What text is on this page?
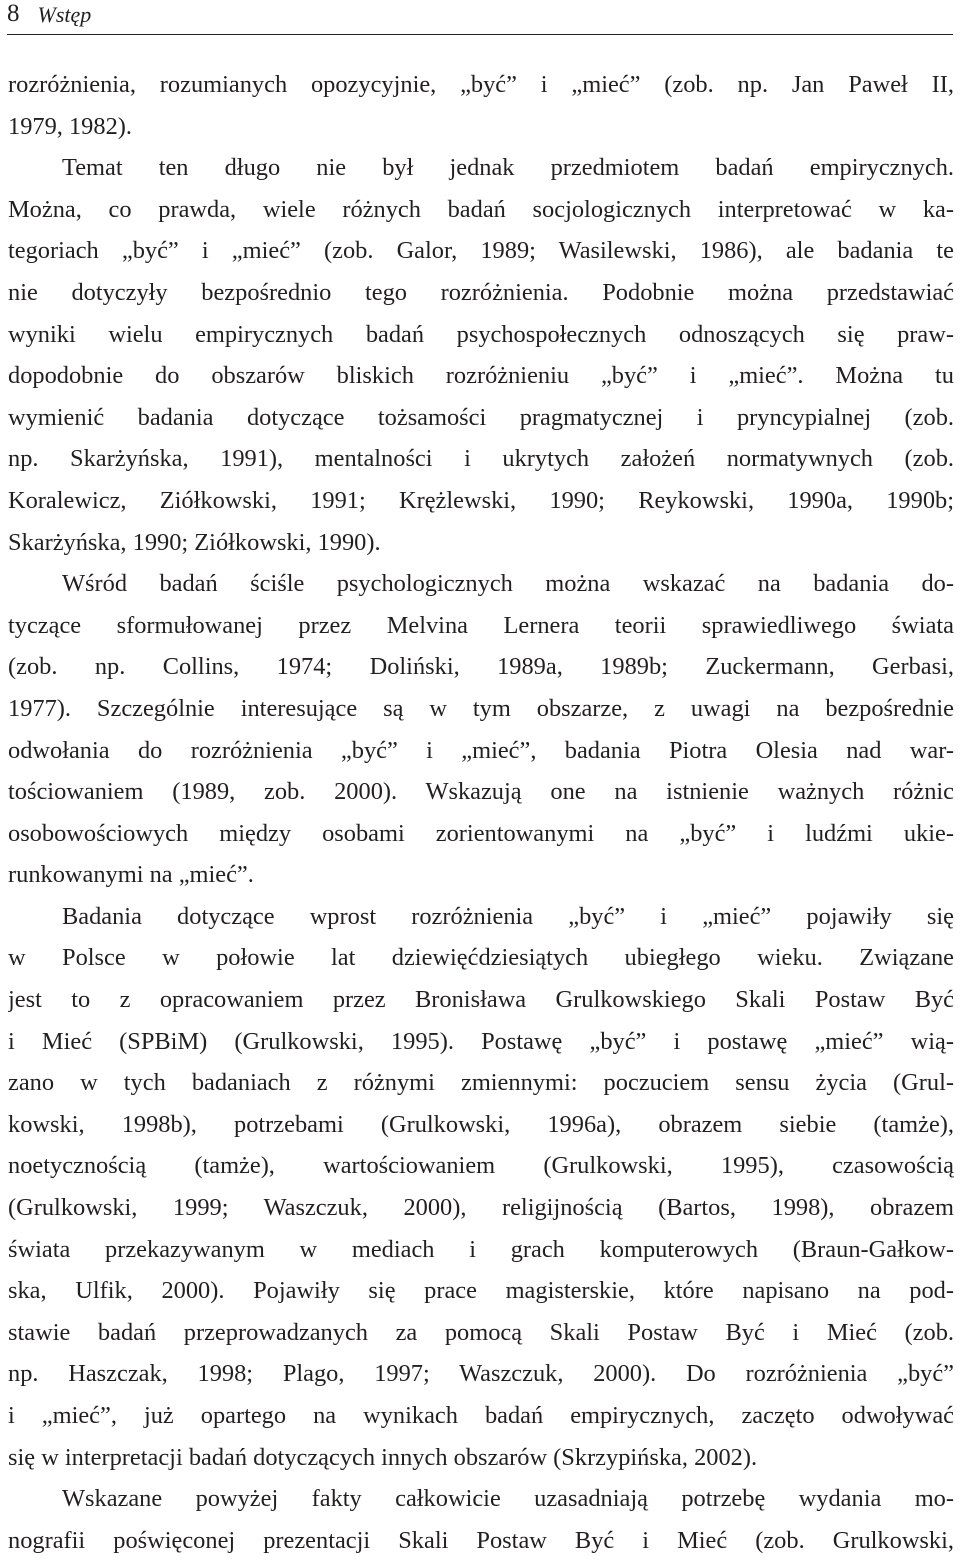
8 Wstęp
rozróżnienia, rozumianych opozycyjnie, „być” i „mieć” (zob. np. Jan Paweł II,
1979, 1982).
Temat ten długo nie był jednak przedmiotem badań empirycznych.
Można, co prawda, wiele różnych badań socjologicznych interpretować w ka-
tegoriach „być” i „mieć” (zob. Galor, 1989; Wasilewski, 1986), ale badania te
nie dotyczyły bezpośrednio tego rozróżnienia. Podobnie można przedstawiać
wyniki wielu empirycznych badań psychospołecznych odnoszących się praw-
dopodobnie do obszarów bliskich rozróżnieniu „być” i „mieć”. Można tu
wymienić badania dotyczące tożsamości pragmatycznej i pryncypialnej (zob.
np. Skarżyńska, 1991), mentalności i ukrytych założeń normatywnych (zob.
Koralewicz, Ziółkowski, 1991; Krężlewski, 1990; Reykowski, 1990a, 1990b;
Skarżyńska, 1990; Ziółkowski, 1990).
Wśród badań ściśle psychologicznych można wskazać na badania do-
tyczące sformułowanej przez Melvina Lernera teorii sprawiedliwego świata
(zob. np. Collins, 1974; Doliński, 1989a, 1989b; Zuckermann, Gerbasi,
1977). Szczególnie interesujące są w tym obszarze, z uwagi na bezpośrednie
odwołania do rozróżnienia „być” i „mieć”, badania Piotra Olesia nad war-
tościowaniem (1989, zob. 2000). Wskazują one na istnienie ważnych różnic
osobowościowych między osobami zorientowanymi na „być” i ludźmi ukie-
runkowanymi na „mieć”.
Badania dotyczące wprost rozróżnienia „być” i „mieć” pojawiły się
w Polsce w połowie lat dziewięćdziesiątych ubiegłego wieku. Związane
jest to z opracowaniem przez Bronisława Grulkowskiego Skali Postaw Być
i Mieć (SPBiM) (Grulkowski, 1995). Postawę „być” i postawę „mieć” wią-
zano w tych badaniach z różnymi zmiennymi: poczuciem sensu życia (Grul-
kowski, 1998b), potrzebami (Grulkowski, 1996a), obrazem siebie (tamże),
noetycznością (tamże), wartościowaniem (Grulkowski, 1995), czasowością
(Grulkowski, 1999; Waszczuk, 2000), religijnością (Bartos, 1998), obrazem
świata przekazywanym w mediach i grach komputerowych (Braun-Gałkow-
ska, Ulfik, 2000). Pojawiły się prace magisterskie, które napisano na pod-
stawie badań przeprowadzanych za pomocą Skali Postaw Być i Mieć (zob.
np. Haszczak, 1998; Plago, 1997; Waszczuk, 2000). Do rozróżnienia „być”
i „mieć”, już opartego na wynikach badań empirycznych, zaczęto odwoływać
się w interpretacji badań dotyczących innych obszarów (Skrzypińska, 2002).
Wskazane powyżej fakty całkowicie uzasadniają potrzebę wydania mo-
nografii poświęconej prezentacji Skali Postaw Być i Mieć (zob. Grulkowski,
